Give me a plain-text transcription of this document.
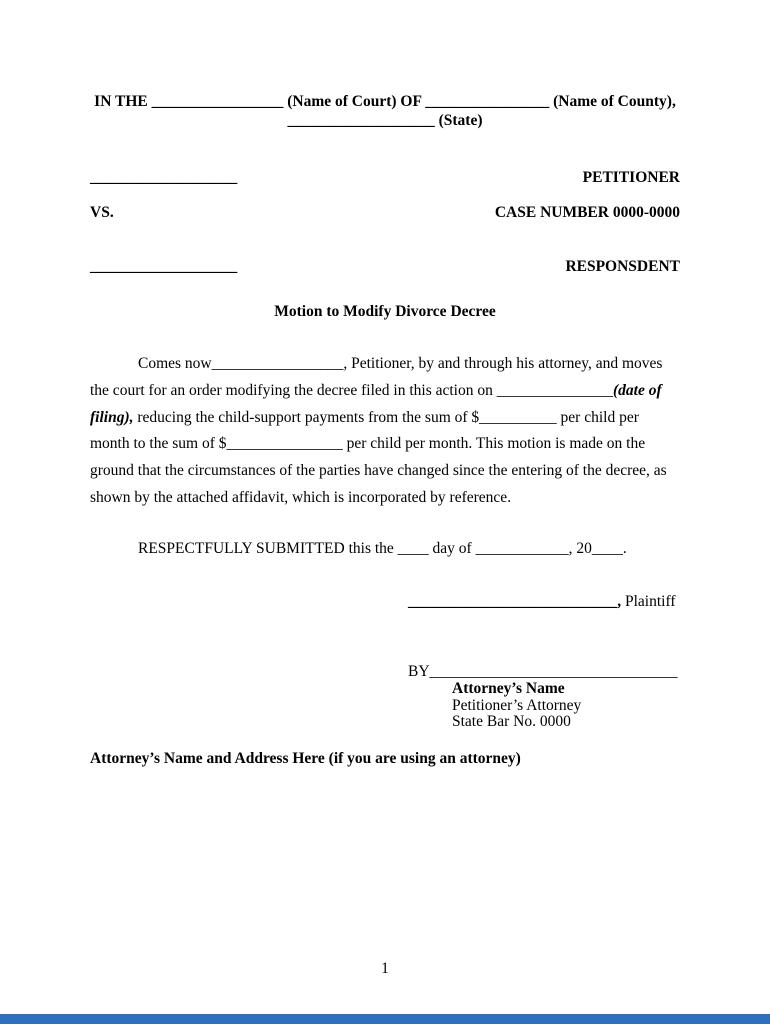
IN THE _________________ (Name of Court) OF ________________ (Name of County),
___________________ (State)
___________________	PETITIONER
VS.	CASE NUMBER 0000-0000
___________________	RESPONSDENT
Motion to Modify Divorce Decree

Comes now_________________, Petitioner, by and through his attorney, and moves the court for an order modifying the decree filed in this action on _______________(date of filing), reducing the child-support payments from the sum of $__________ per child per month to the sum of $_______________ per child per month. This motion is made on the ground that the circumstances of the parties have changed since the entering of the decree, as shown by the attached affidavit, which is incorporated by reference.

RESPECTFULLY SUBMITTED this the ____ day of ____________, 20____.
___________________________, Plaintiff
BY________________________________
Attorney’s Name
Petitioner’s Attorney
State Bar No. 0000
Attorney’s Name and Address Here (if you are using an attorney)
1
